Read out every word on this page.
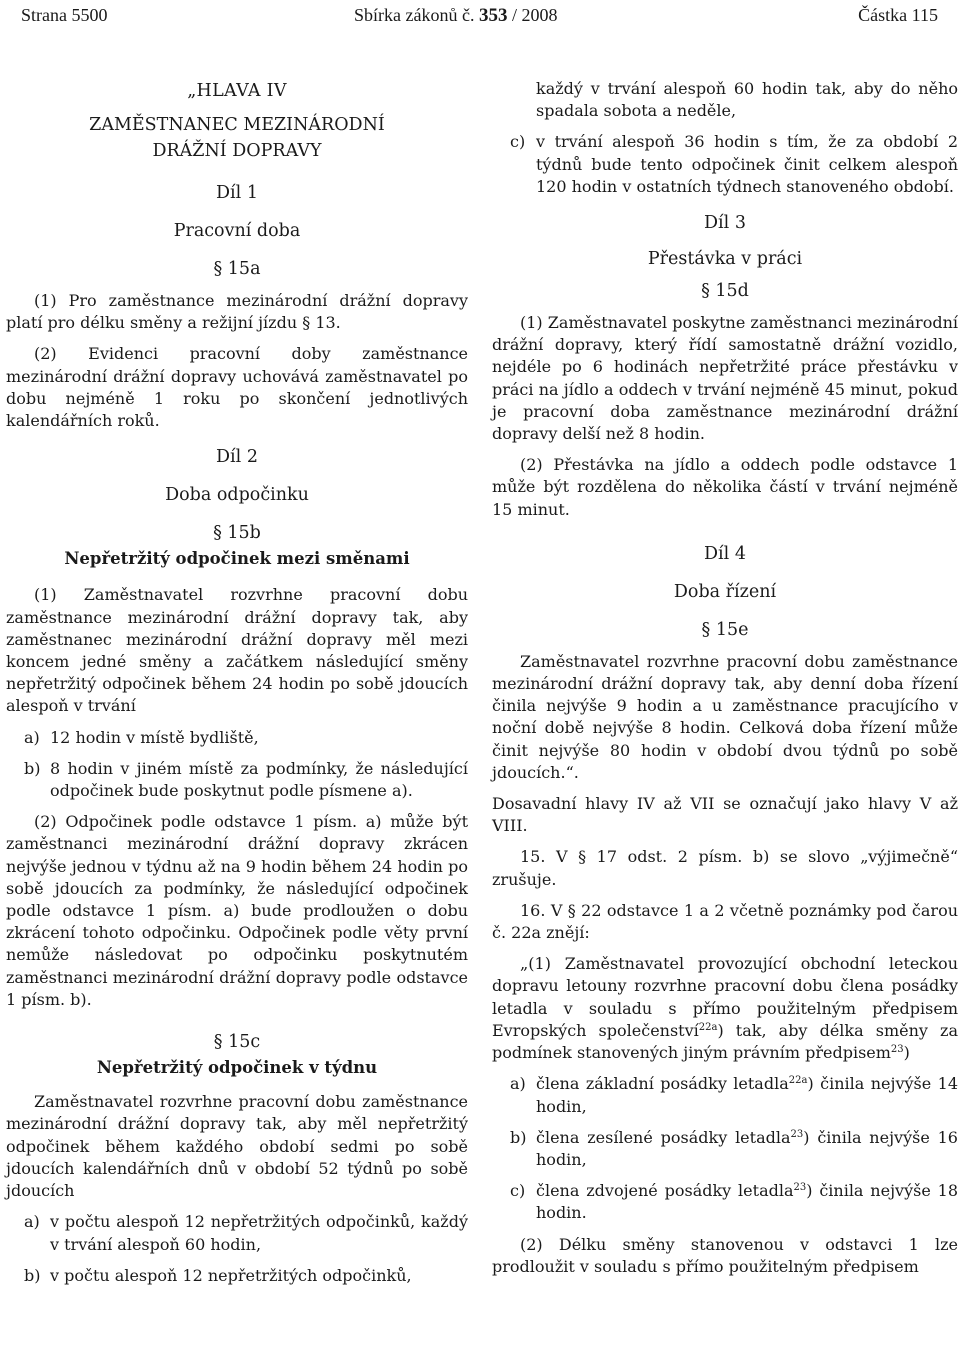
Strana 5500	Sbírka zákonů č. 353 / 2008	Částka 115

„HLAVA IV

ZAMĚSTNANEC MEZINÁRODNÍ

DRÁŽNÍ DOPRAVY

Díl 1

Pracovní doba

§ 15a

(1) Pro zaměstnance mezinárodní drážní dopravy platí pro délku směny a režijní jízdu § 13.

(2) Evidenci pracovní doby zaměstnance mezinárodní drážní dopravy uchovává zaměstnavatel po dobu nejméně 1 roku po skončení jednotlivých kalendářních roků.

Díl 2

Doba odpočinku

§ 15b

Nepřetržitý odpočinek mezi směnami

(1) Zaměstnavatel rozvrhne pracovní dobu zaměstnance mezinárodní drážní dopravy tak, aby zaměstnanec mezinárodní drážní dopravy měl mezi koncem jedné směny a začátkem následující směny nepřetržitý odpočinek během 24 hodin po sobě jdoucích alespoň v trvání

a) 12 hodin v místě bydliště,
b) 8 hodin v jiném místě za podmínky, že následující odpočinek bude poskytnut podle písmene a).

(2) Odpočinek podle odstavce 1 písm. a) může být zaměstnanci mezinárodní drážní dopravy zkrácen nejvýše jednou v týdnu až na 9 hodin během 24 hodin po sobě jdoucích za podmínky, že následující odpočinek podle odstavce 1 písm. a) bude prodloužen o dobu zkrácení tohoto odpočinku. Odpočinek podle věty první nemůže následovat po odpočinku poskytnutém zaměstnanci mezinárodní drážní dopravy podle odstavce 1 písm. b).

§ 15c

Nepřetržitý odpočinek v týdnu

Zaměstnavatel rozvrhne pracovní dobu zaměstnance mezinárodní drážní dopravy tak, aby měl nepřetržitý odpočinek během každého období sedmi po sobě jdoucích kalendářních dnů v období 52 týdnů po sobě jdoucích

a) v počtu alespoň 12 nepřetržitých odpočinků, každý v trvání alespoň 60 hodin,
b) v počtu alespoň 12 nepřetržitých odpočinků,
každý v trvání alespoň 60 hodin tak, aby do něho spadala sobota a neděle,
c) v trvání alespoň 36 hodin s tím, že za období 2 týdnů bude tento odpočinek činit celkem alespoň 120 hodin v ostatních týdnech stanoveného období.

Díl 3

Přestávka v práci

§ 15d

(1) Zaměstnavatel poskytne zaměstnanci mezinárodní drážní dopravy, který řídí samostatně drážní vozidlo, nejdéle po 6 hodinách nepřetržité práce přestávku v práci na jídlo a oddech v trvání nejméně 45 minut, pokud je pracovní doba zaměstnance mezinárodní drážní dopravy delší než 8 hodin.

(2) Přestávka na jídlo a oddech podle odstavce 1 může být rozdělena do několika částí v trvání nejméně 15 minut.

Díl 4

Doba řízení

§ 15e

Zaměstnavatel rozvrhne pracovní dobu zaměstnance mezinárodní drážní dopravy tak, aby denní doba řízení činila nejvýše 9 hodin a u zaměstnance pracujícího v noční době nejvýše 8 hodin. Celková doba řízení může činit nejvýše 80 hodin v období dvou týdnů po sobě jdoucích.“.

Dosavadní hlavy IV až VII se označují jako hlavy V až VIII.

15. V § 17 odst. 2 písm. b) se slovo „výjimečně“ zrušuje.

16. V § 22 odstavce 1 a 2 včetně poznámky pod čarou č. 22a znějí:

„(1) Zaměstnavatel provozující obchodní leteckou dopravu letouny rozvrhne pracovní dobu člena posádky letadla v souladu s přímo použitelným předpisem Evropských společenství$^{22a}$) tak, aby délka směny za podmínek stanovených jiným právním předpisem$^{23}$)

a) člena základní posádky letadla$^{22a}$) činila nejvýše 14 hodin,
b) člena zesílené posádky letadla$^{23}$) činila nejvýše 16 hodin,
c) člena zdvojené posádky letadla$^{23}$) činila nejvýše 18 hodin.

(2) Délku směny stanovenou v odstavci 1 lze prodloužit v souladu s přímo použitelným předpisem
